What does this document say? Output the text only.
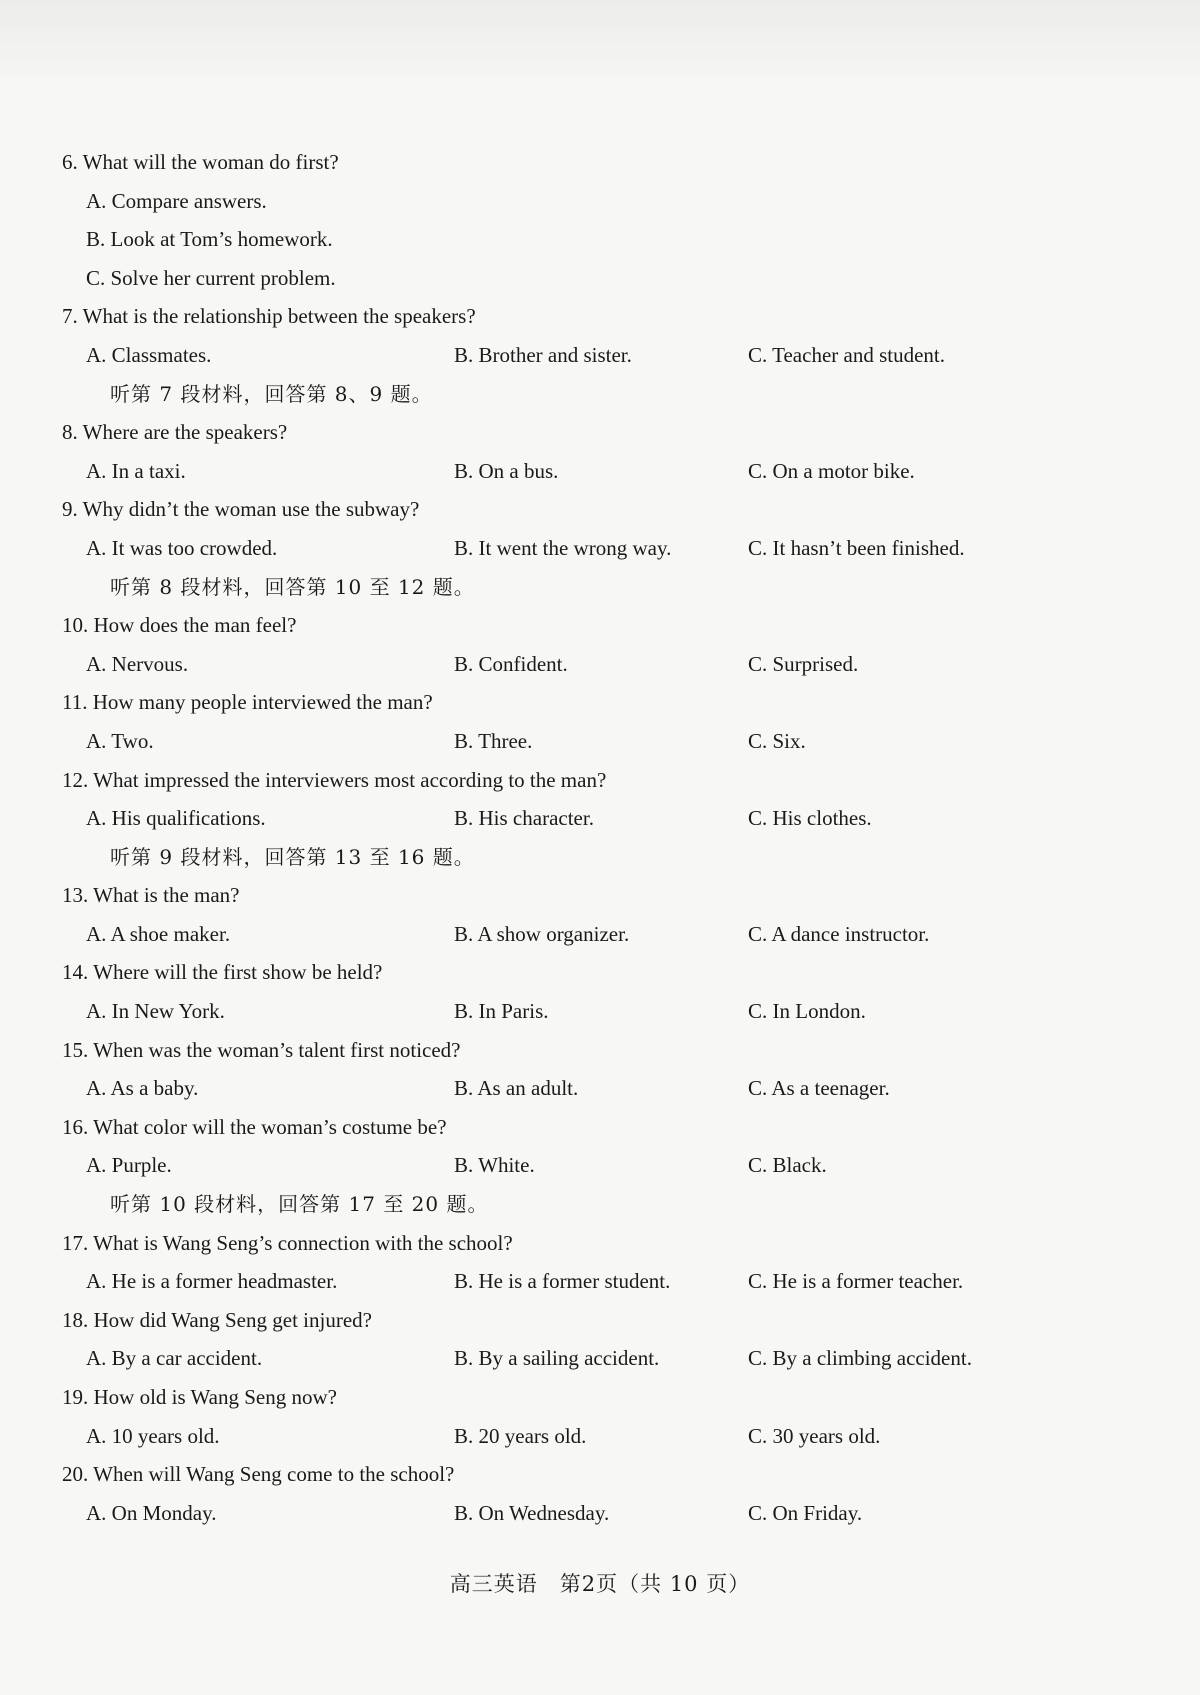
6. What will the woman do first?
A. Compare answers.
B. Look at Tom’s homework.
C. Solve her current problem.
7. What is the relationship between the speakers?
A. Classmates.	B. Brother and sister.	C. Teacher and student.
听第 7 段材料，回答第 8、9 题。
8. Where are the speakers?
A. In a taxi.	B. On a bus.	C. On a motor bike.
9. Why didn’t the woman use the subway?
A. It was too crowded.	B. It went the wrong way.	C. It hasn’t been finished.
听第 8 段材料，回答第 10 至 12 题。
10. How does the man feel?
A. Nervous.	B. Confident.	C. Surprised.
11. How many people interviewed the man?
A. Two.	B. Three.	C. Six.
12. What impressed the interviewers most according to the man?
A. His qualifications.	B. His character.	C. His clothes.
听第 9 段材料，回答第 13 至 16 题。
13. What is the man?
A. A shoe maker.	B. A show organizer.	C. A dance instructor.
14. Where will the first show be held?
A. In New York.	B. In Paris.	C. In London.
15. When was the woman’s talent first noticed?
A. As a baby.	B. As an adult.	C. As a teenager.
16. What color will the woman’s costume be?
A. Purple.	B. White.	C. Black.
听第 10 段材料，回答第 17 至 20 题。
17. What is Wang Seng’s connection with the school?
A. He is a former headmaster.	B. He is a former student.	C. He is a former teacher.
18. How did Wang Seng get injured?
A. By a car accident.	B. By a sailing accident.	C. By a climbing accident.
19. How old is Wang Seng now?
A. 10 years old.	B. 20 years old.	C. 30 years old.
20. When will Wang Seng come to the school?
A. On Monday.	B. On Wednesday.	C. On Friday.
高三英语　第2页（共 10 页）
